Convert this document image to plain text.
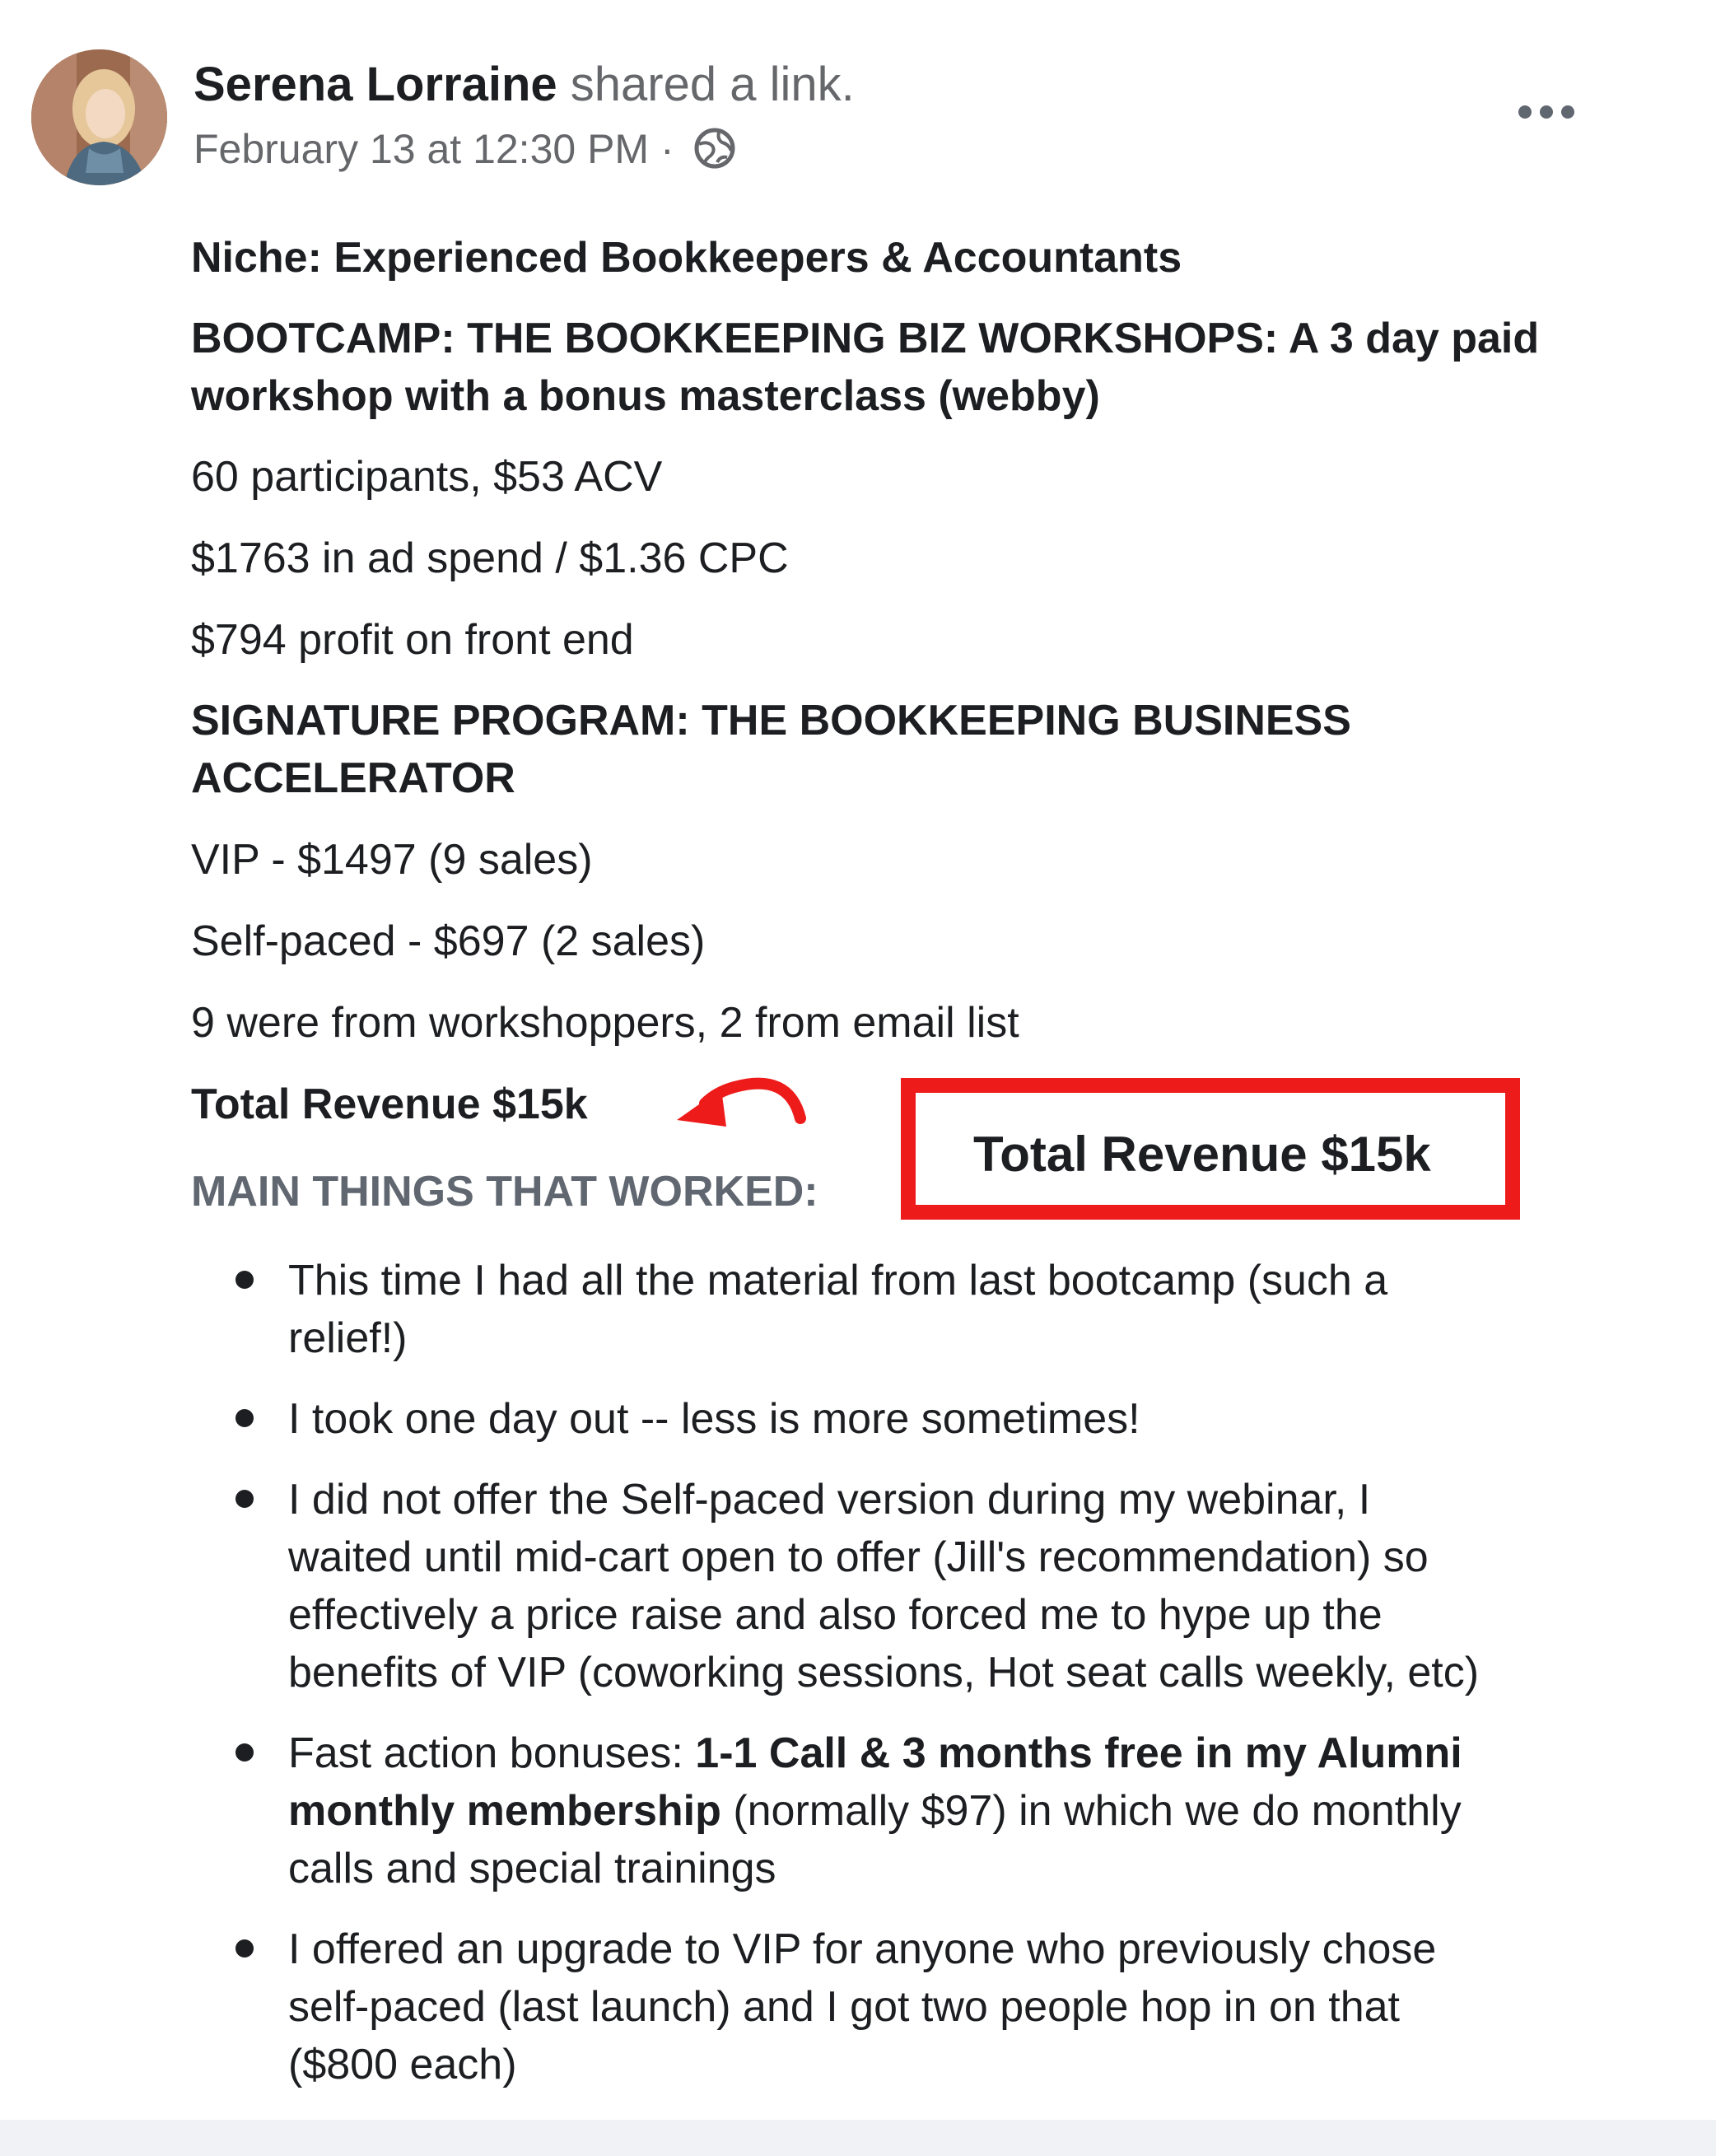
Serena Lorraine shared a link.
February 13 at 12:30 PM ·

Niche: Experienced Bookkeepers & Accountants

BOOTCAMP: THE BOOKKEEPING BIZ WORKSHOPS: A 3 day paid

workshop with a bonus masterclass (webby)

60 participants, $53 ACV

$1763 in ad spend / $1.36 CPC

$794 profit on front end

SIGNATURE PROGRAM: THE BOOKKEEPING BUSINESS

ACCELERATOR

VIP - $1497 (9 sales)

Self-paced - $697 (2 sales)

9 were from workshoppers, 2 from email list

Total Revenue $15k

MAIN THINGS THAT WORKED:

This time I had all the material from last bootcamp (such a
relief!)
I took one day out -- less is more sometimes!
I did not offer the Self-paced version during my webinar, I
waited until mid-cart open to offer (Jill's recommendation) so
effectively a price raise and also forced me to hype up the
benefits of VIP (coworking sessions, Hot seat calls weekly, etc)
Fast action bonuses: 1-1 Call & 3 months free in my Alumni
monthly membership (normally $97) in which we do monthly
calls and special trainings
I offered an upgrade to VIP for anyone who previously chose
self-paced (last launch) and I got two people hop in on that
($800 each)
Total Revenue $15k
